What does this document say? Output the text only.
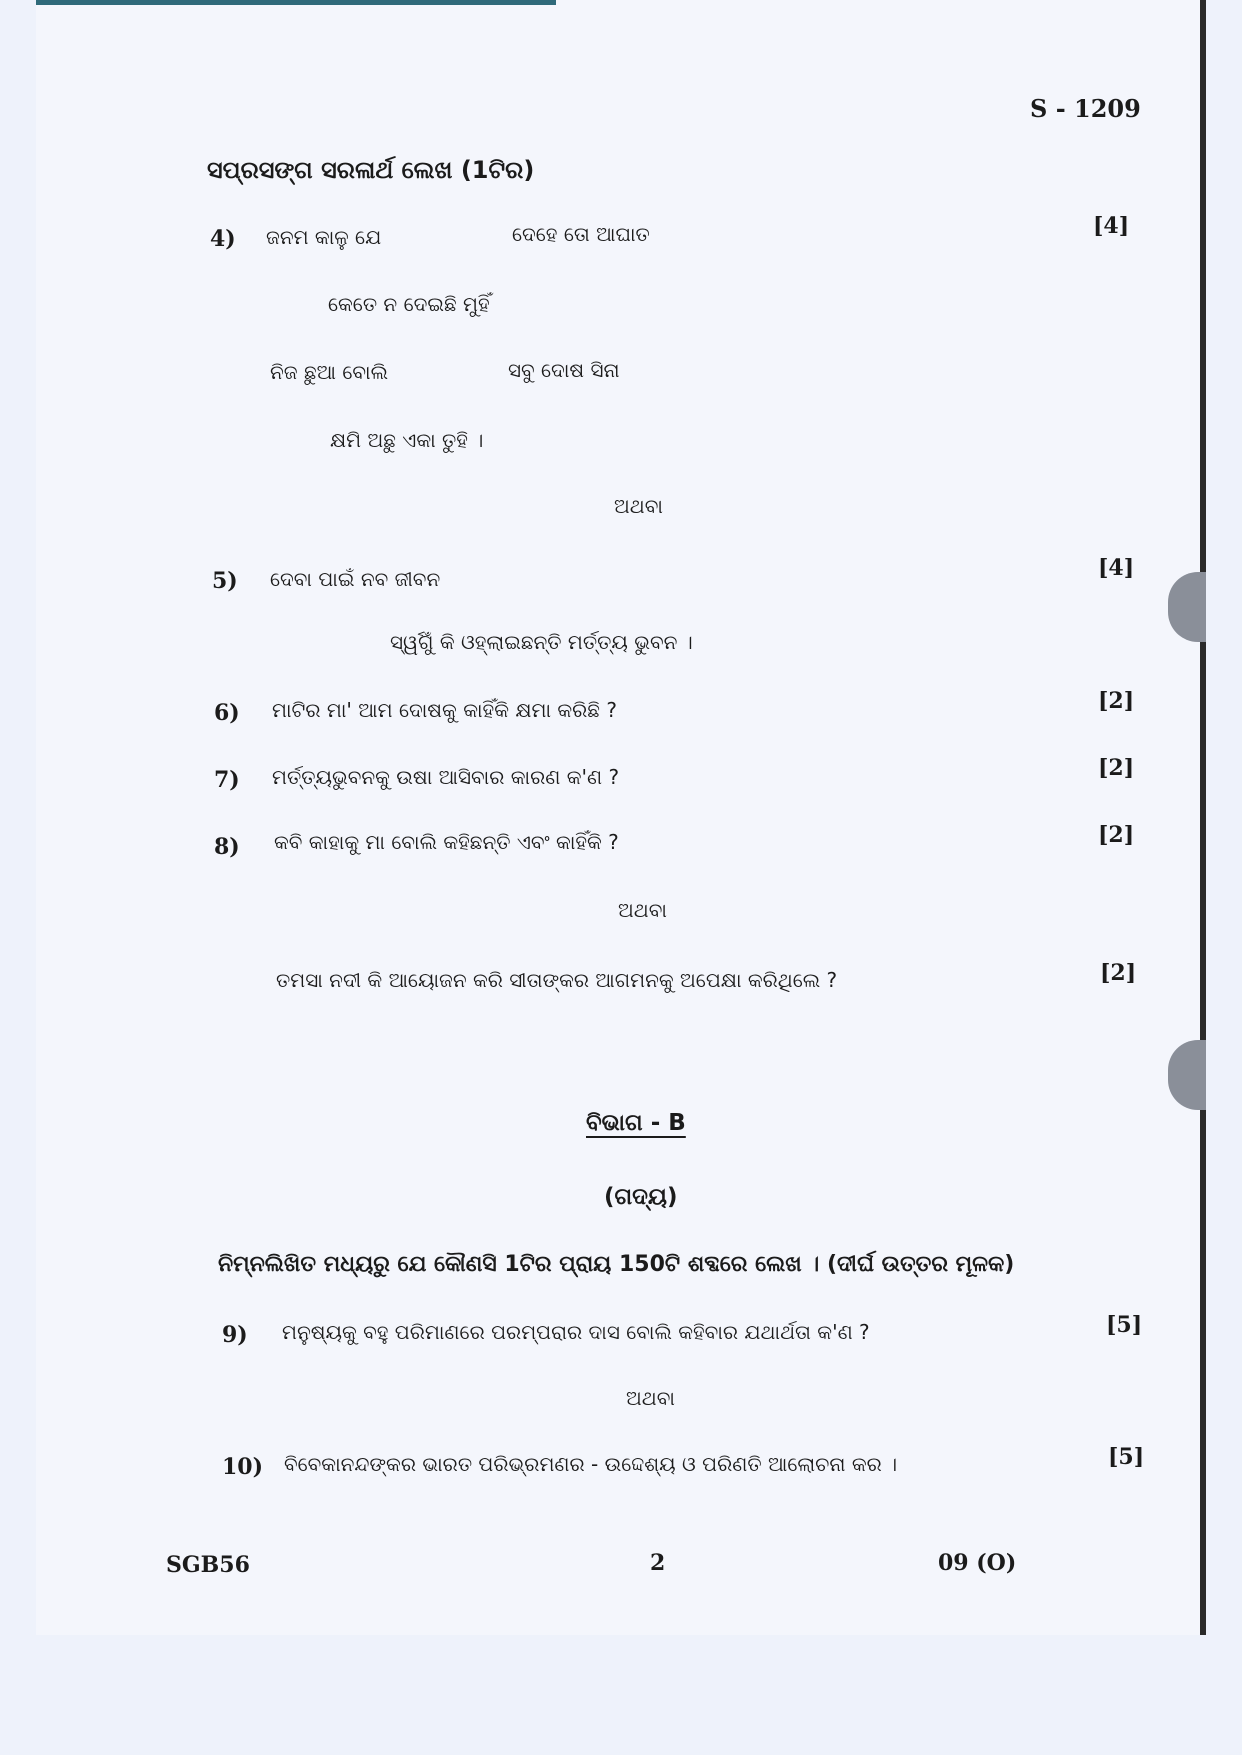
S - 1209
ସପ୍ରସଙ୍ଗ ସରଳାର୍ଥ ଲେଖ (1ଟିର)
4) ଜନମ କାଳୁ ଯେ	ଦେହେ ତୋ ଆଘାତ	[4]
କେତେ ନ ଦେଇଛି ମୁହିଁ
ନିଜ ଛୁଆ ବୋଲି	ସବୁ ଦୋଷ ସିନା
କ୍ଷମି ଅଛୁ ଏକା ତୁହି ।
ଅଥବା
5) ଦେବା ପାଇଁ ନବ ଜୀବନ	[4]
ସ୍ୱର୍ଗୁଁ କି ଓହ୍ଲାଇଛନ୍ତି ମର୍ତ୍ତ୍ୟ ଭୁବନ ।
6) ମାଟିର ମା' ଆମ ଦୋଷକୁ କାହିଁକି କ୍ଷମା କରିଛି ?	[2]
7) ମର୍ତ୍ତ୍ୟଭୁବନକୁ ଉଷା ଆସିବାର କାରଣ କ'ଣ ?	[2]
8) କବି କାହାକୁ ମା ବୋଲି କହିଛନ୍ତି ଏବଂ କାହିଁକି ?	[2]
ଅଥବା
ତମସା ନଦୀ କି ଆୟୋଜନ କରି ସୀତାଙ୍କର ଆଗମନକୁ ଅପେକ୍ଷା କରିଥିଲେ ?	[2]
ବିଭାଗ - B
(ଗଦ୍ୟ)
ନିମ୍ନଲିଖିତ ମଧ୍ୟରୁ ଯେ କୌଣସି 1ଟିର ପ୍ରାୟ 150ଟି ଶବ୍ଦରେ ଲେଖ । (ଦୀର୍ଘ ଉତ୍ତର ମୂଳକ)
9) ମନୁଷ୍ୟକୁ ବହୁ ପରିମାଣରେ ପରମ୍ପରାର ଦାସ ବୋଲି କହିବାର ଯଥାର୍ଥତା କ'ଣ ?	[5]
ଅଥବା
10) ବିବେକାନନ୍ଦଙ୍କର ଭାରତ ପରିଭ୍ରମଣର - ଉଦ୍ଦେଶ୍ୟ ଓ ପରିଣତି ଆଲୋଚନା କର ।	[5]
SGB56	2	09 (O)
